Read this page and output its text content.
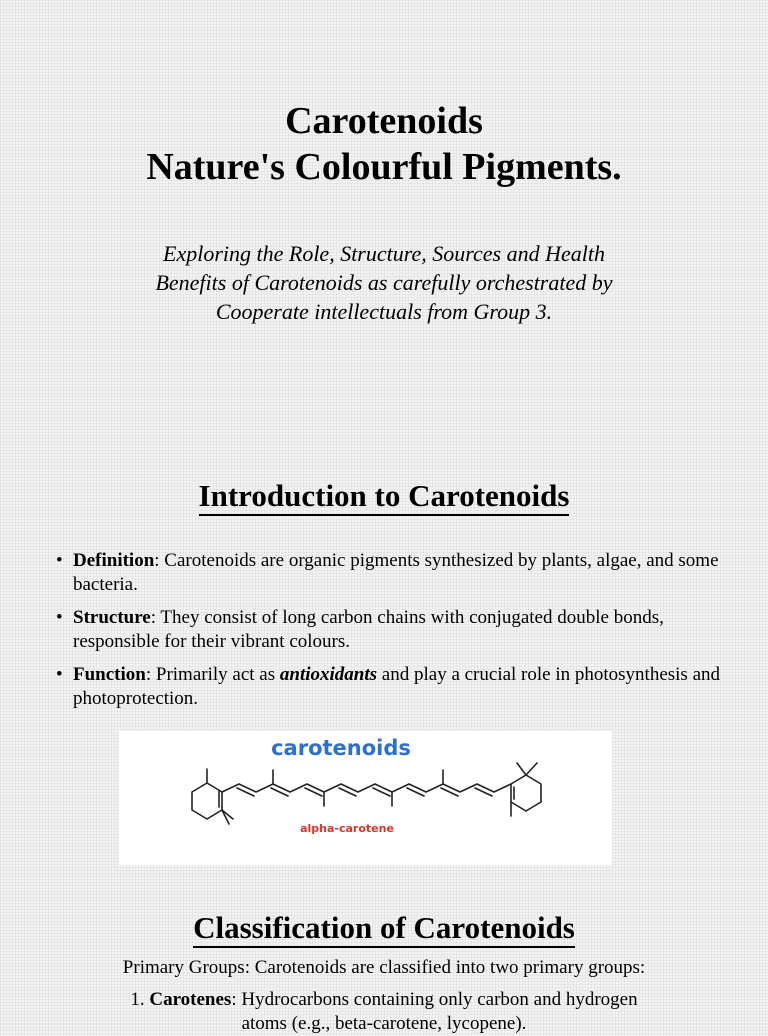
Carotenoids
Nature's Colourful Pigments.

Exploring the Role, Structure, Sources and Health
Benefits of Carotenoids as carefully orchestrated by
Cooperate intellectuals from Group 3.

Introduction to Carotenoids
• Definition: Carotenoids are organic pigments synthesized by plants, algae, and some bacteria.
• Structure: They consist of long carbon chains with conjugated double bonds, responsible for their vibrant colours.
• Function: Primarily act as antioxidants and play a crucial role in photosynthesis and photoprotection.
carotenoids
alpha-carotene
Classification of Carotenoids

Primary Groups: Carotenoids are classified into two primary groups:

1. Carotenes: Hydrocarbons containing only carbon and hydrogen
atoms (e.g., beta-carotene, lycopene).
